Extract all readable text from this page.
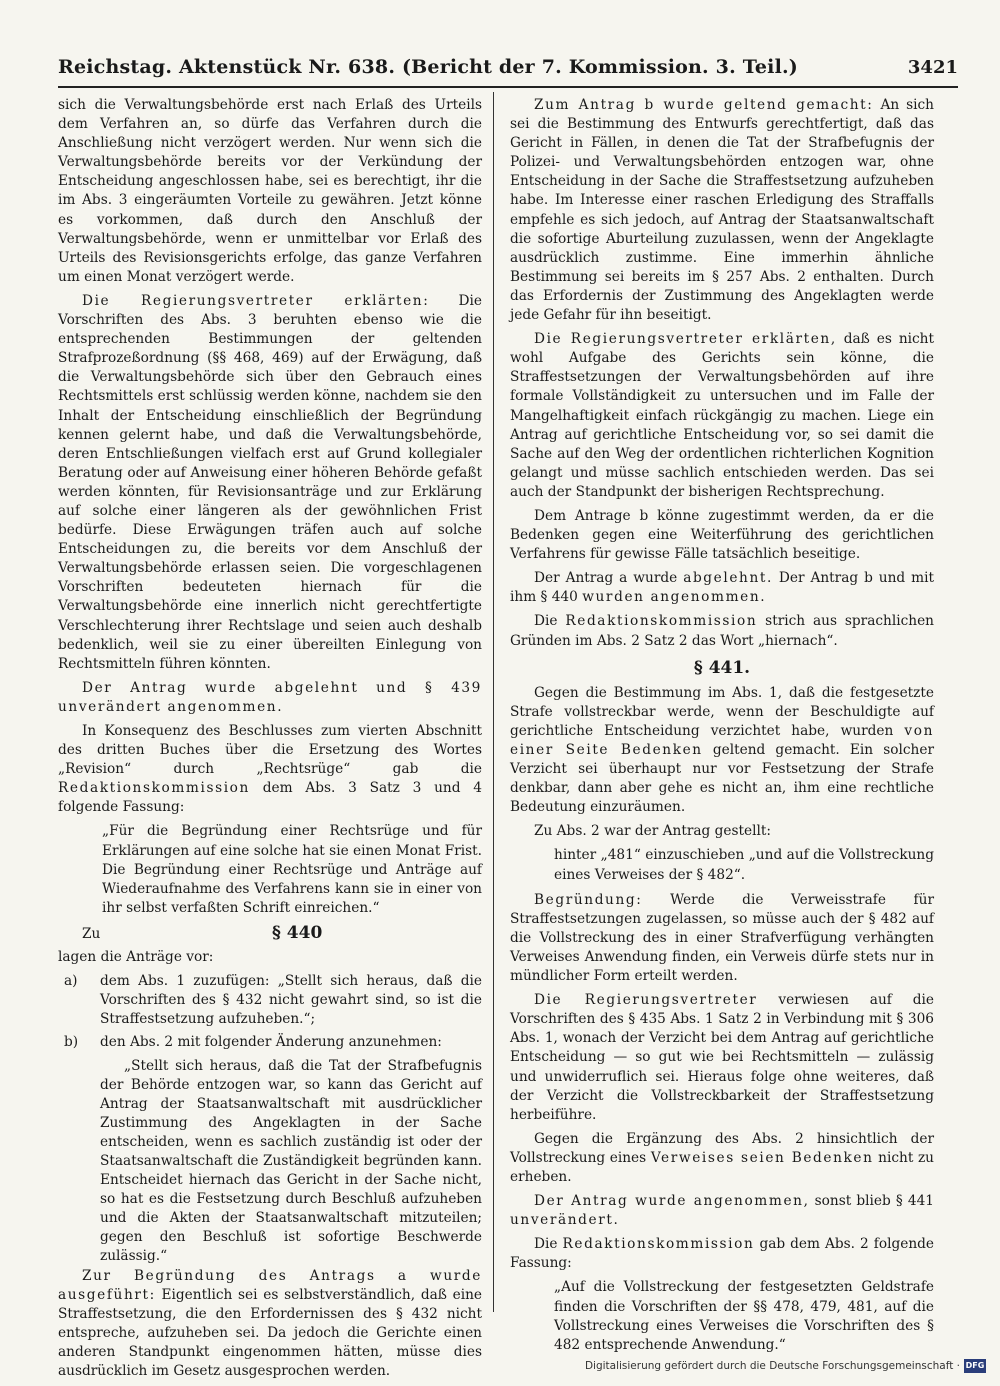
Reichstag. Aktenstück Nr. 638. (Bericht der 7. Kommission. 3. Teil.)	3421

sich die Verwaltungsbehörde erst nach Erlaß des Urteils dem Verfahren an, so dürfe das Verfahren durch die Anschließung nicht verzögert werden. Nur wenn sich die Verwaltungsbehörde bereits vor der Verkündung der Entscheidung angeschlossen habe, sei es berechtigt, ihr die im Abs. 3 eingeräumten Vorteile zu gewähren. Jetzt könne es vorkommen, daß durch den Anschluß der Verwaltungsbehörde, wenn er unmittelbar vor Erlaß des Urteils des Revisionsgerichts erfolge, das ganze Verfahren um einen Monat verzögert werde.

Die Regierungsvertreter erklärten: Die Vorschriften des Abs. 3 beruhten ebenso wie die entsprechenden Bestimmungen der geltenden Strafprozeßordnung (§§ 468, 469) auf der Erwägung, daß die Verwaltungsbehörde sich über den Gebrauch eines Rechtsmittels erst schlüssig werden könne, nachdem sie den Inhalt der Entscheidung einschließlich der Begründung kennen gelernt habe, und daß die Verwaltungsbehörde, deren Entschließungen vielfach erst auf Grund kollegialer Beratung oder auf Anweisung einer höheren Behörde gefaßt werden könnten, für Revisionsanträge und zur Erklärung auf solche einer längeren als der gewöhnlichen Frist bedürfe. Diese Erwägungen träfen auch auf solche Entscheidungen zu, die bereits vor dem Anschluß der Verwaltungsbehörde erlassen seien. Die vorgeschlagenen Vorschriften bedeuteten hiernach für die Verwaltungsbehörde eine innerlich nicht gerechtfertigte Verschlechterung ihrer Rechtslage und seien auch deshalb bedenklich, weil sie zu einer übereilten Einlegung von Rechtsmitteln führen könnten.

Der Antrag wurde abgelehnt und § 439 unverändert angenommen.

In Konsequenz des Beschlusses zum vierten Abschnitt des dritten Buches über die Ersetzung des Wortes „Revision“ durch „Rechtsrüge“ gab die Redaktionskommission dem Abs. 3 Satz 3 und 4 folgende Fassung:

„Für die Begründung einer Rechtsrüge und für Erklärungen auf eine solche hat sie einen Monat Frist. Die Begründung einer Rechtsrüge und Anträge auf Wiederaufnahme des Verfahrens kann sie in einer von ihr selbst verfaßten Schrift einreichen.“

Zu	§ 440

lagen die Anträge vor:

a)	dem Abs. 1 zuzufügen: „Stellt sich heraus, daß die Vorschriften des § 432 nicht gewahrt sind, so ist die Straffestsetzung aufzuheben.“;
b)	den Abs. 2 mit folgender Änderung anzunehmen:

„Stellt sich heraus, daß die Tat der Strafbefugnis der Behörde entzogen war, so kann das Gericht auf Antrag der Staatsanwaltschaft mit ausdrücklicher Zustimmung des Angeklagten in der Sache entscheiden, wenn es sachlich zuständig ist oder der Staatsanwaltschaft die Zuständigkeit begründen kann. Entscheidet hiernach das Gericht in der Sache nicht, so hat es die Festsetzung durch Beschluß aufzuheben und die Akten der Staatsanwaltschaft mitzuteilen; gegen den Beschluß ist sofortige Beschwerde zulässig.“

Zur Begründung des Antrags a wurde ausgeführt: Eigentlich sei es selbstverständlich, daß eine Straffestsetzung, die den Erfordernissen des § 432 nicht entspreche, aufzuheben sei. Da jedoch die Gerichte einen anderen Standpunkt eingenommen hätten, müsse dies ausdrücklich im Gesetz ausgesprochen werden.

Zum Antrag b wurde geltend gemacht: An sich sei die Bestimmung des Entwurfs gerechtfertigt, daß das Gericht in Fällen, in denen die Tat der Strafbefugnis der Polizei- und Verwaltungsbehörden entzogen war, ohne Entscheidung in der Sache die Straffestsetzung aufzuheben habe. Im Interesse einer raschen Erledigung des Straffalls empfehle es sich jedoch, auf Antrag der Staatsanwaltschaft die sofortige Aburteilung zuzulassen, wenn der Angeklagte ausdrücklich zustimme. Eine immerhin ähnliche Bestimmung sei bereits im § 257 Abs. 2 enthalten. Durch das Erfordernis der Zustimmung des Angeklagten werde jede Gefahr für ihn beseitigt.

Die Regierungsvertreter erklärten, daß es nicht wohl Aufgabe des Gerichts sein könne, die Straffestsetzungen der Verwaltungsbehörden auf ihre formale Vollständigkeit zu untersuchen und im Falle der Mangelhaftigkeit einfach rückgängig zu machen. Liege ein Antrag auf gerichtliche Entscheidung vor, so sei damit die Sache auf den Weg der ordentlichen richterlichen Kognition gelangt und müsse sachlich entschieden werden. Das sei auch der Standpunkt der bisherigen Rechtsprechung.

Dem Antrage b könne zugestimmt werden, da er die Bedenken gegen eine Weiterführung des gerichtlichen Verfahrens für gewisse Fälle tatsächlich beseitige.

Der Antrag a wurde abgelehnt. Der Antrag b und mit ihm § 440 wurden angenommen.

Die Redaktionskommission strich aus sprachlichen Gründen im Abs. 2 Satz 2 das Wort „hiernach“.

§ 441.

Gegen die Bestimmung im Abs. 1, daß die festgesetzte Strafe vollstreckbar werde, wenn der Beschuldigte auf gerichtliche Entscheidung verzichtet habe, wurden von einer Seite Bedenken geltend gemacht. Ein solcher Verzicht sei überhaupt nur vor Festsetzung der Strafe denkbar, dann aber gehe es nicht an, ihm eine rechtliche Bedeutung einzuräumen.

Zu Abs. 2 war der Antrag gestellt:

hinter „481“ einzuschieben „und auf die Vollstreckung eines Verweises der § 482“.

Begründung: Werde die Verweisstrafe für Straffestsetzungen zugelassen, so müsse auch der § 482 auf die Vollstreckung des in einer Strafverfügung verhängten Verweises Anwendung finden, ein Verweis dürfe stets nur in mündlicher Form erteilt werden.

Die Regierungsvertreter verwiesen auf die Vorschriften des § 435 Abs. 1 Satz 2 in Verbindung mit § 306 Abs. 1, wonach der Verzicht bei dem Antrag auf gerichtliche Entscheidung — so gut wie bei Rechtsmitteln — zulässig und unwiderruflich sei. Hieraus folge ohne weiteres, daß der Verzicht die Vollstreckbarkeit der Straffestsetzung herbeiführe.

Gegen die Ergänzung des Abs. 2 hinsichtlich der Vollstreckung eines Verweises seien Bedenken nicht zu erheben.

Der Antrag wurde angenommen, sonst blieb § 441 unverändert.

Die Redaktionskommission gab dem Abs. 2 folgende Fassung:

„Auf die Vollstreckung der festgesetzten Geldstrafe finden die Vorschriften der §§ 478, 479, 481, auf die Vollstreckung eines Verweises die Vorschriften des § 482 entsprechende Anwendung.“

Digitalisierung gefördert durch die Deutsche Forschungsgemeinschaft · DFG
